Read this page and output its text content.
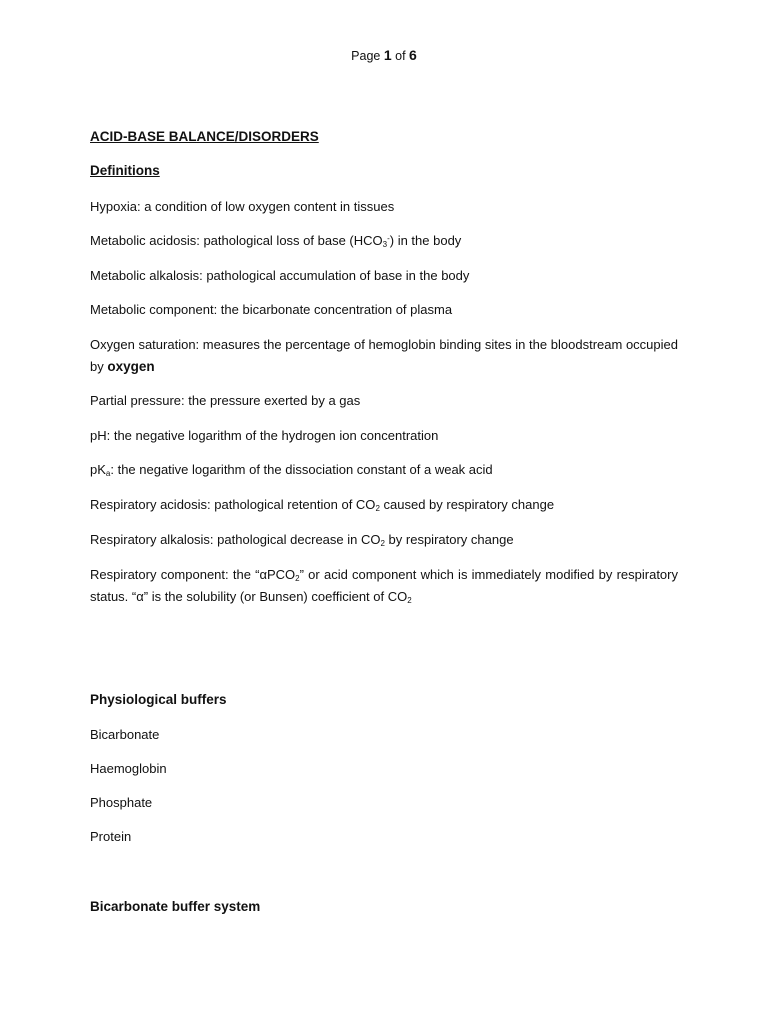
Page 1 of 6
ACID-BASE BALANCE/DISORDERS
Definitions
Hypoxia: a condition of low oxygen content in tissues
Metabolic acidosis: pathological loss of base $(HCO_3^-)$ in the body
Metabolic alkalosis: pathological accumulation of base in the body
Metabolic component: the bicarbonate concentration of plasma
Oxygen saturation: measures the percentage of hemoglobin binding sites in the bloodstream occupied by oxygen
Partial pressure: the pressure exerted by a gas
pH: the negative logarithm of the hydrogen ion concentration
$pK_a$: the negative logarithm of the dissociation constant of a weak acid
Respiratory acidosis: pathological retention of $CO_2$ caused by respiratory change
Respiratory alkalosis: pathological decrease in $CO_2$ by respiratory change
Respiratory component: the “αPCO$_2$” or acid component which is immediately modified by respiratory status. “α” is the solubility (or Bunsen) coefficient of $CO_2$
Physiological buffers
Bicarbonate
Haemoglobin
Phosphate
Protein
Bicarbonate buffer system
